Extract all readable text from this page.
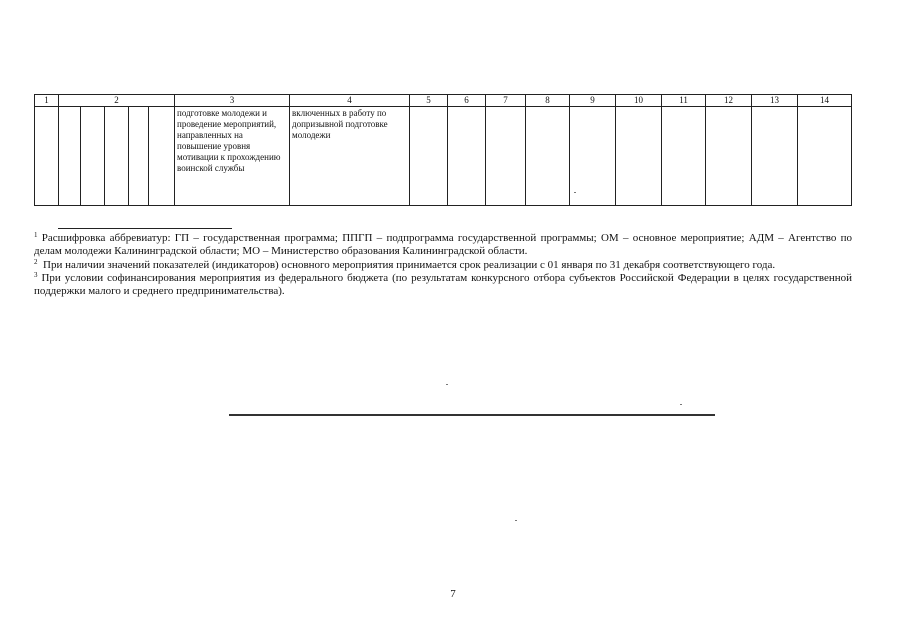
1	2					3	4	5	6	7	8	9	10	11	12	13	14

						подготовке молодежи и проведение мероприятий, направленных на повышение уровня мотивации к прохождению воинской службы	включенных в работу по допризывной подготовке молодежи										

$^1$ Расшифровка аббревиатур: ГП – государственная программа; ППГП – подпрограмма государственной программы; ОМ – основное мероприятие; АДМ – Агентство по делам молодежи Калининградской области; МО – Министерство образования Калининградской области.

$^2$ При наличии значений показателей (индикаторов) основного мероприятия принимается срок реализации с 01 января по 31 декабря соответствующего года.

$^3$ При условии софинансирования мероприятия из федерального бюджета (по результатам конкурсного отбора субъектов Российской Федерации в целях государственной поддержки малого и среднего предпринимательства).

7
